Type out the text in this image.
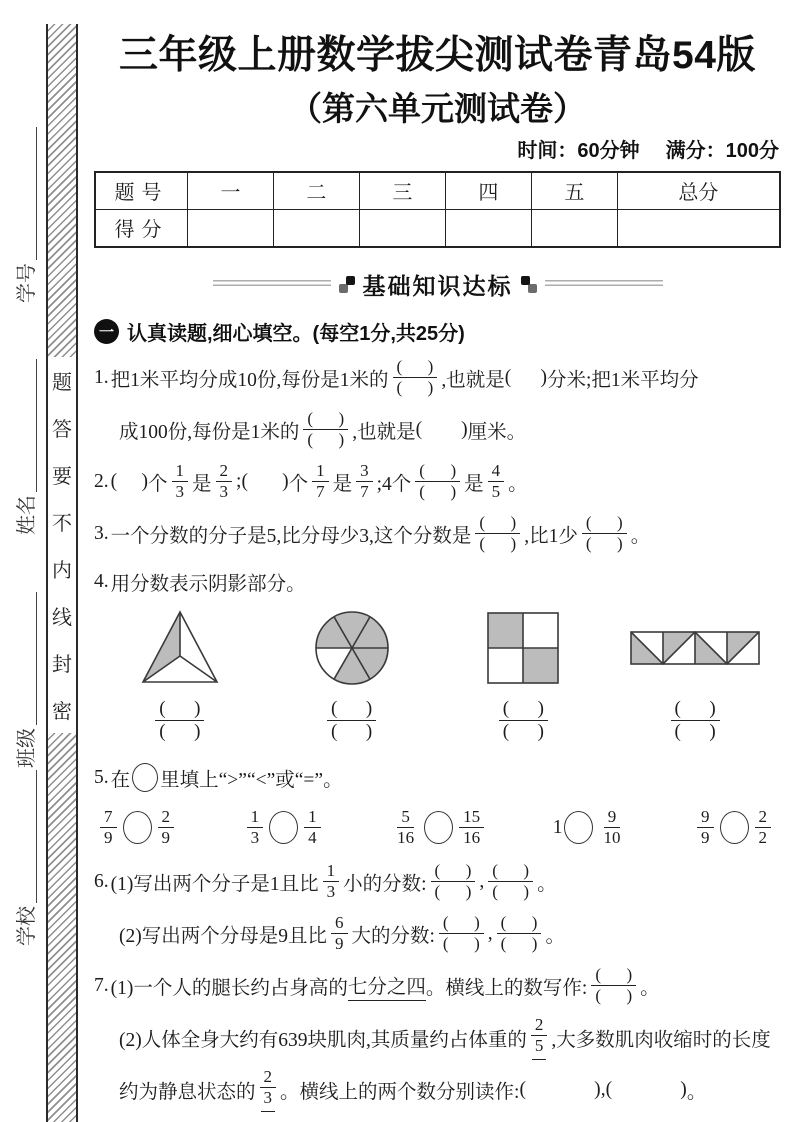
学号
姓名
班级
学校
题
答
要
不
内
线
封
密
三年级上册数学拔尖测试卷青岛54版
（第六单元测试卷）
时间：60分钟 满分：100分
题号	一	二	三	四	五	总分
得分						
基础知识达标
一 认真读题,细心填空。(每空1分,共25分)
1. 把1米平均分成10份,每份是1米的 $\frac{( )}{( )}$ ,也就是 (      ) 分米;把1米平均分
成100份,每份是1米的 $\frac{( )}{( )}$ ,也就是 (        ) 厘米。
2. (     ) 个 $\frac{1}{3}$ 是 $\frac{2}{3}$ ; (       ) 个 $\frac{1}{7}$ 是 $\frac{3}{7}$ ;4个 $\frac{( )}{( )}$ 是 $\frac{4}{5}$ 。
3. 一个分数的分子是5,比分母少3,这个分数是 $\frac{( )}{( )}$ ,比1少 $\frac{( )}{( )}$ 。
4. 用分数表示阴影部分。
$\frac{( )}{( )}$	$\frac{( )}{( )}$	$\frac{( )}{( )}$	$\frac{( )}{( )}$
5. 在 里填上“>”“<”或“=”。
$\frac{7}{9} \frac{2}{9}$	$\frac{1}{3} \frac{1}{4}$	$\frac{5}{16} \frac{15}{16}$	$1 \frac{9}{10}$	$\frac{9}{9} \frac{2}{2}$
6. (1)写出两个分子是1且比 $\frac{1}{3}$ 小的分数: $\frac{( )}{( )}$ , $\frac{( )}{( )}$ 。
(2)写出两个分母是9且比 $\frac{6}{9}$ 大的分数: $\frac{( )}{( )}$ , $\frac{( )}{( )}$ 。
7. (1)一个人的腿长约占身高的 七分之四 。横线上的数写作: $\frac{( )}{( )}$ 。
(2)人体全身大约有639块肌肉,其质量约占体重的 $\frac{2}{5}$ ,大多数肌肉收缩时的长度
约为静息状态的 $\frac{2}{3}$ 。横线上的两个数分别读作: (              ) , (              ) 。
